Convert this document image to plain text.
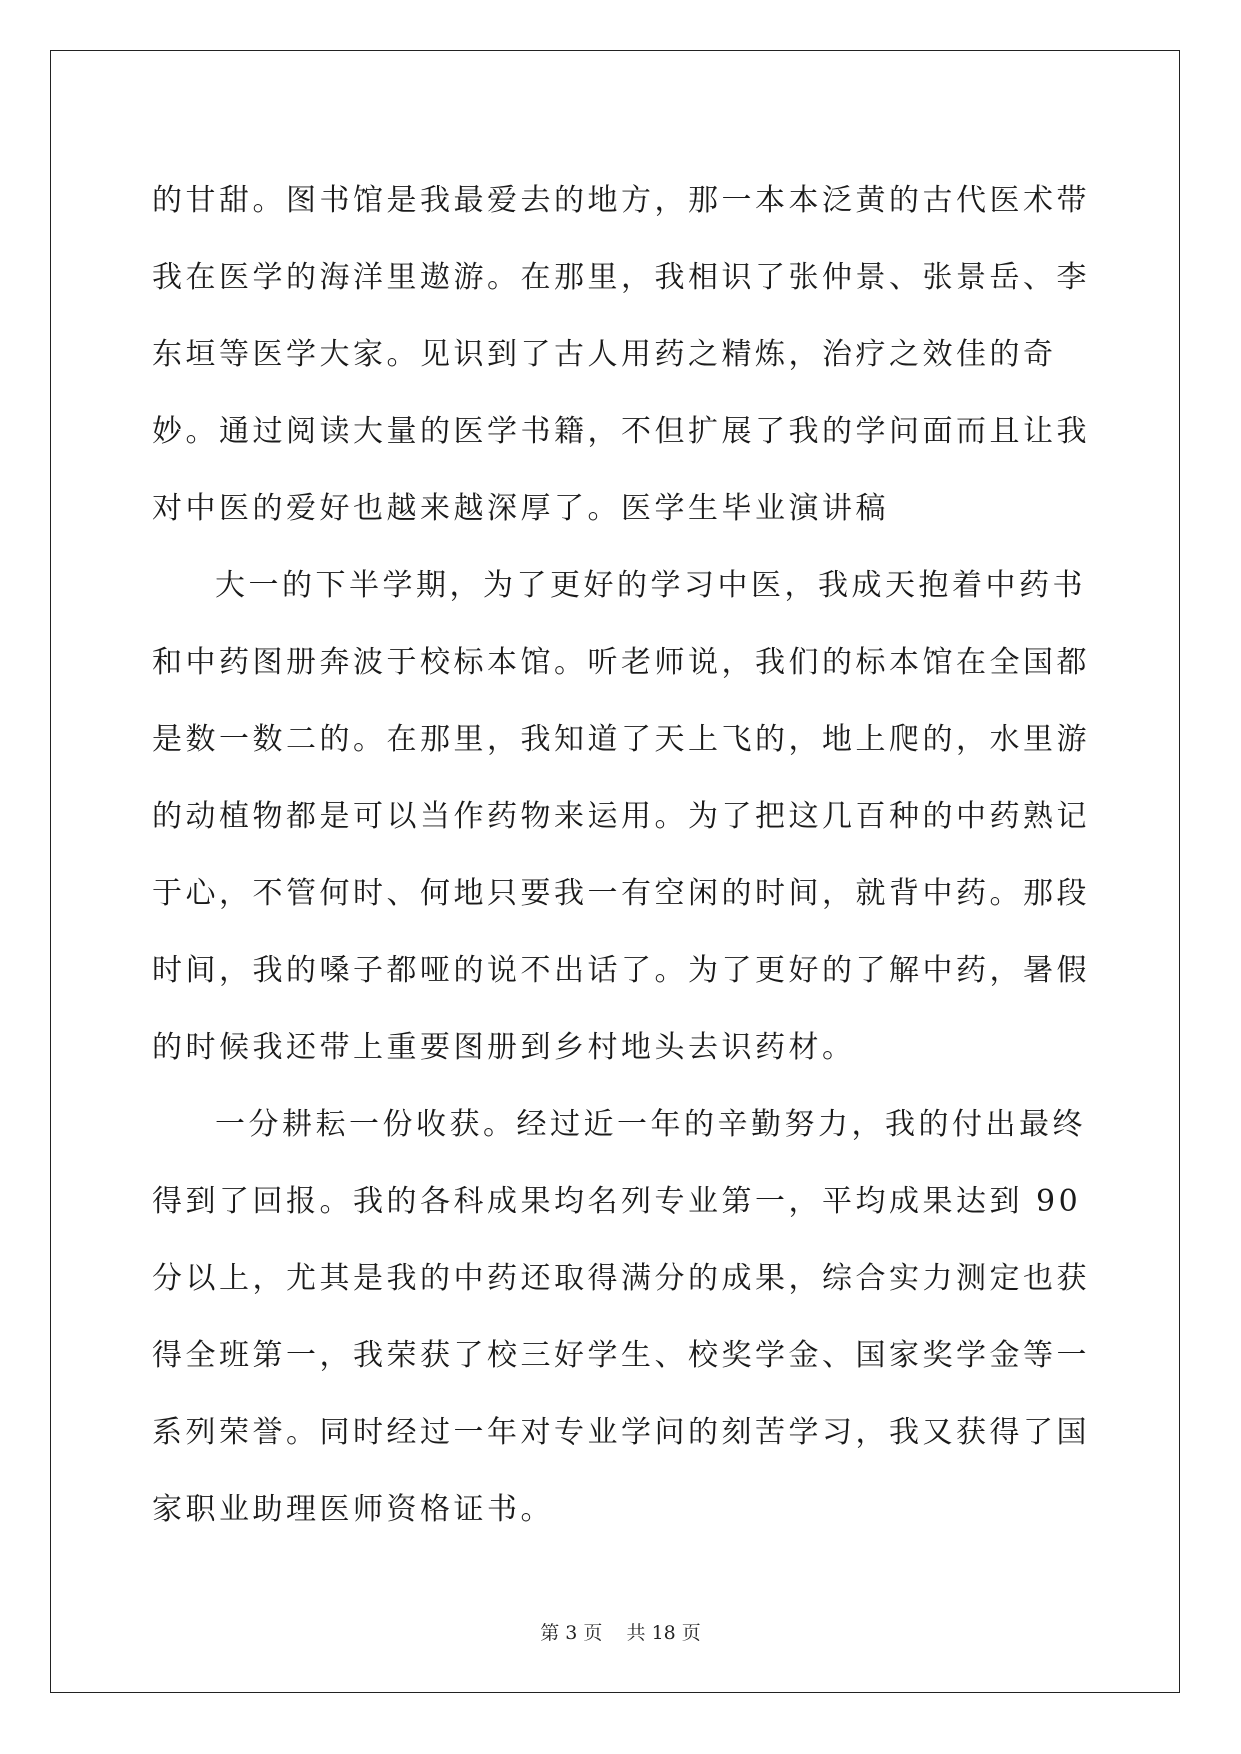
的甘甜。图书馆是我最爱去的地方，那一本本泛黄的古代医术带我在医学的海洋里遨游。在那里，我相识了张仲景、张景岳、李东垣等医学大家。见识到了古人用药之精炼，治疗之效佳的奇妙。通过阅读大量的医学书籍，不但扩展了我的学问面而且让我对中医的爱好也越来越深厚了。医学生毕业演讲稿

大一的下半学期，为了更好的学习中医，我成天抱着中药书和中药图册奔波于校标本馆。听老师说，我们的标本馆在全国都是数一数二的。在那里，我知道了天上飞的，地上爬的，水里游的动植物都是可以当作药物来运用。为了把这几百种的中药熟记于心，不管何时、何地只要我一有空闲的时间，就背中药。那段时间，我的嗓子都哑的说不出话了。为了更好的了解中药，暑假的时候我还带上重要图册到乡村地头去识药材。

一分耕耘一份收获。经过近一年的辛勤努力，我的付出最终得到了回报。我的各科成果均名列专业第一，平均成果达到 90 分以上，尤其是我的中药还取得满分的成果，综合实力测定也获得全班第一，我荣获了校三好学生、校奖学金、国家奖学金等一系列荣誉。同时经过一年对专业学问的刻苦学习，我又获得了国家职业助理医师资格证书。

第 3 页 共 18 页
